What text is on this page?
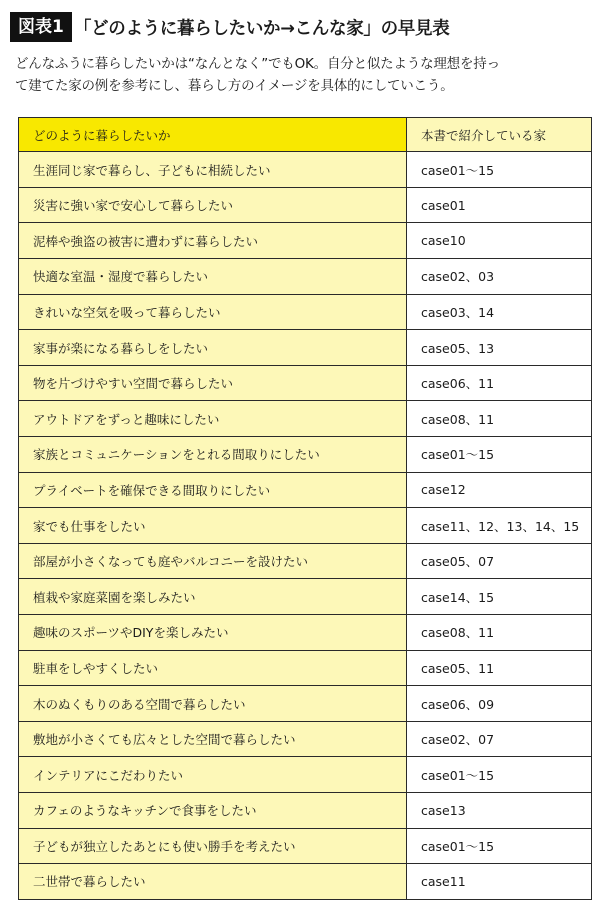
図表1 「どのように暮らしたいか→こんな家」の早見表
どんなふうに暮らしたいかは“なんとなく”でもOK。自分と似たような理想を持っ
て建てた家の例を参考にし、暮らし方のイメージを具体的にしていこう。
どのように暮らしたいか	本書で紹介している家
生涯同じ家で暮らし、子どもに相続したい	case01〜15
災害に強い家で安心して暮らしたい	case01
泥棒や強盗の被害に遭わずに暮らしたい	case10
快適な室温・湿度で暮らしたい	case02、03
きれいな空気を吸って暮らしたい	case03、14
家事が楽になる暮らしをしたい	case05、13
物を片づけやすい空間で暮らしたい	case06、11
アウトドアをずっと趣味にしたい	case08、11
家族とコミュニケーションをとれる間取りにしたい	case01〜15
プライベートを確保できる間取りにしたい	case12
家でも仕事をしたい	case11、12、13、14、15
部屋が小さくなっても庭やバルコニーを設けたい	case05、07
植栽や家庭菜園を楽しみたい	case14、15
趣味のスポーツやDIYを楽しみたい	case08、11
駐車をしやすくしたい	case05、11
木のぬくもりのある空間で暮らしたい	case06、09
敷地が小さくても広々とした空間で暮らしたい	case02、07
インテリアにこだわりたい	case01〜15
カフェのようなキッチンで食事をしたい	case13
子どもが独立したあとにも使い勝手を考えたい	case01〜15
二世帯で暮らしたい	case11
